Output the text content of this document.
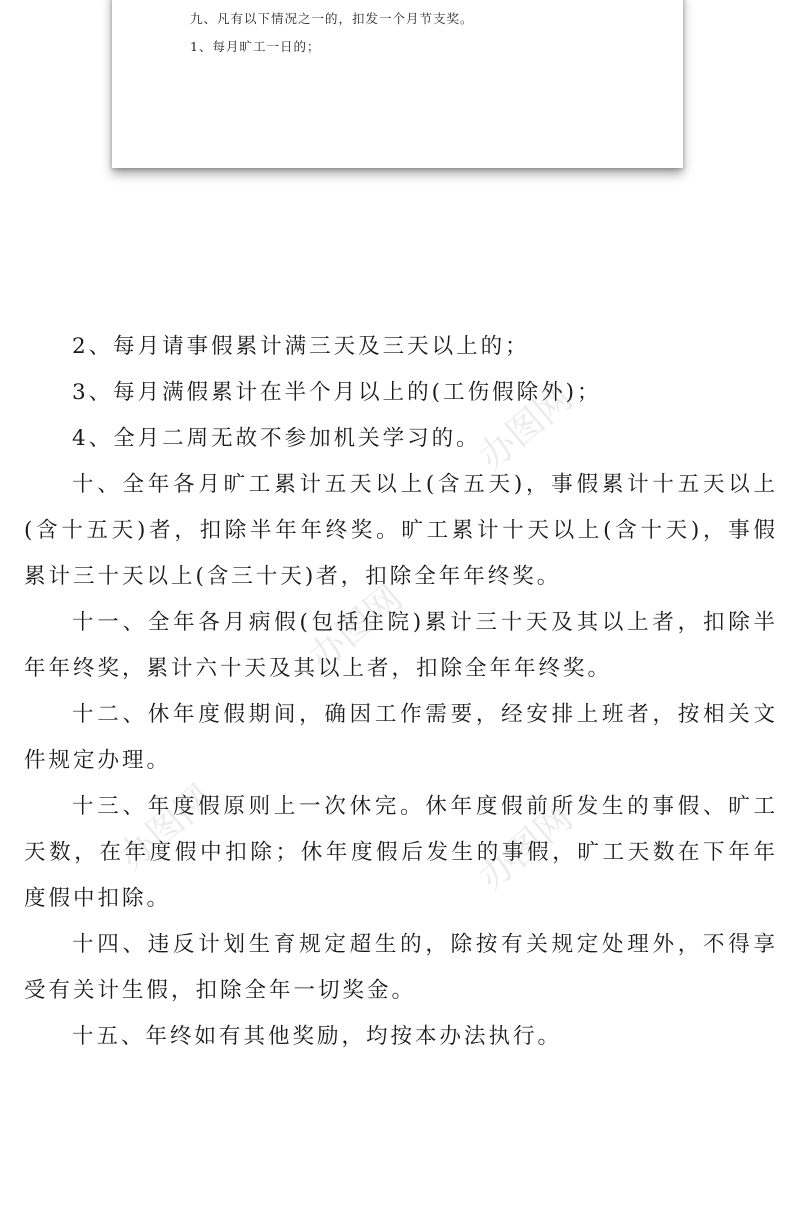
九、凡有以下情况之一的，扣发一个月节支奖。
1、每月旷工一日的；
办图网
办图网
办图网	办图网

2、每月请事假累计满三天及三天以上的；

3、每月满假累计在半个月以上的(工伤假除外)；

4、全月二周无故不参加机关学习的。

十、全年各月旷工累计五天以上(含五天)，事假累计十五天以上(含十五天)者，扣除半年年终奖。旷工累计十天以上(含十天)，事假累计三十天以上(含三十天)者，扣除全年年终奖。

十一、全年各月病假(包括住院)累计三十天及其以上者，扣除半年年终奖，累计六十天及其以上者，扣除全年年终奖。

十二、休年度假期间，确因工作需要，经安排上班者，按相关文件规定办理。

十三、年度假原则上一次休完。休年度假前所发生的事假、旷工天数，在年度假中扣除；休年度假后发生的事假，旷工天数在下年年度假中扣除。

十四、违反计划生育规定超生的，除按有关规定处理外，不得享受有关计生假，扣除全年一切奖金。

十五、年终如有其他奖励，均按本办法执行。
